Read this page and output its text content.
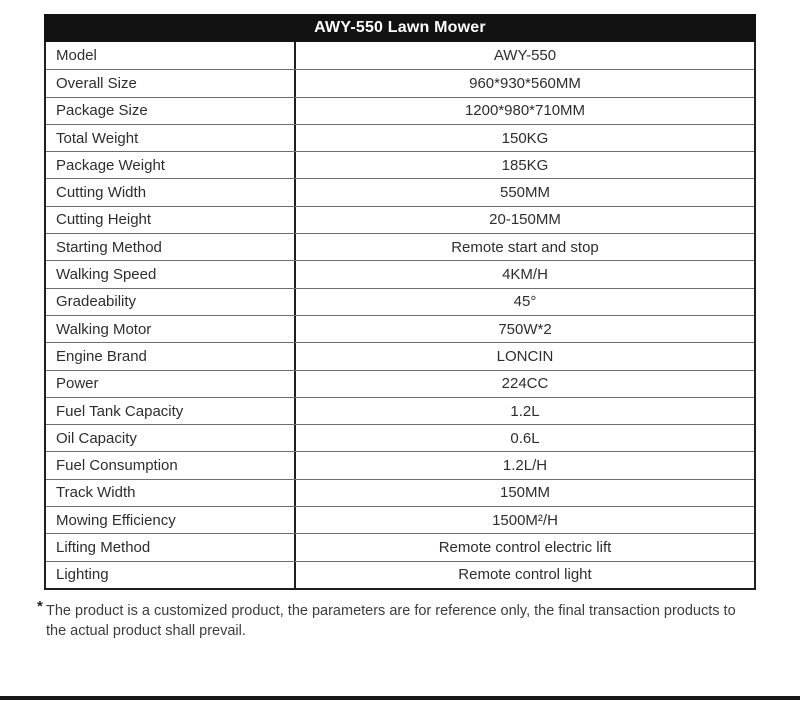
AWY-550 Lawn Mower
Model	AWY-550
Overall Size	960*930*560MM
Package Size	1200*980*710MM
Total Weight	150KG
Package Weight	185KG
Cutting Width	550MM
Cutting Height	20-150MM
Starting Method	Remote start and stop
Walking Speed	4KM/H
Gradeability	45°
Walking Motor	750W*2
Engine Brand	LONCIN
Power	224CC
Fuel Tank Capacity	1.2L
Oil Capacity	0.6L
Fuel Consumption	1.2L/H
Track Width	150MM
Mowing Efficiency	1500M²/H
Lifting Method	Remote control electric lift
Lighting	Remote control light

* The product is a customized product, the parameters are for reference only, the final transaction products to
the actual product shall prevail.
